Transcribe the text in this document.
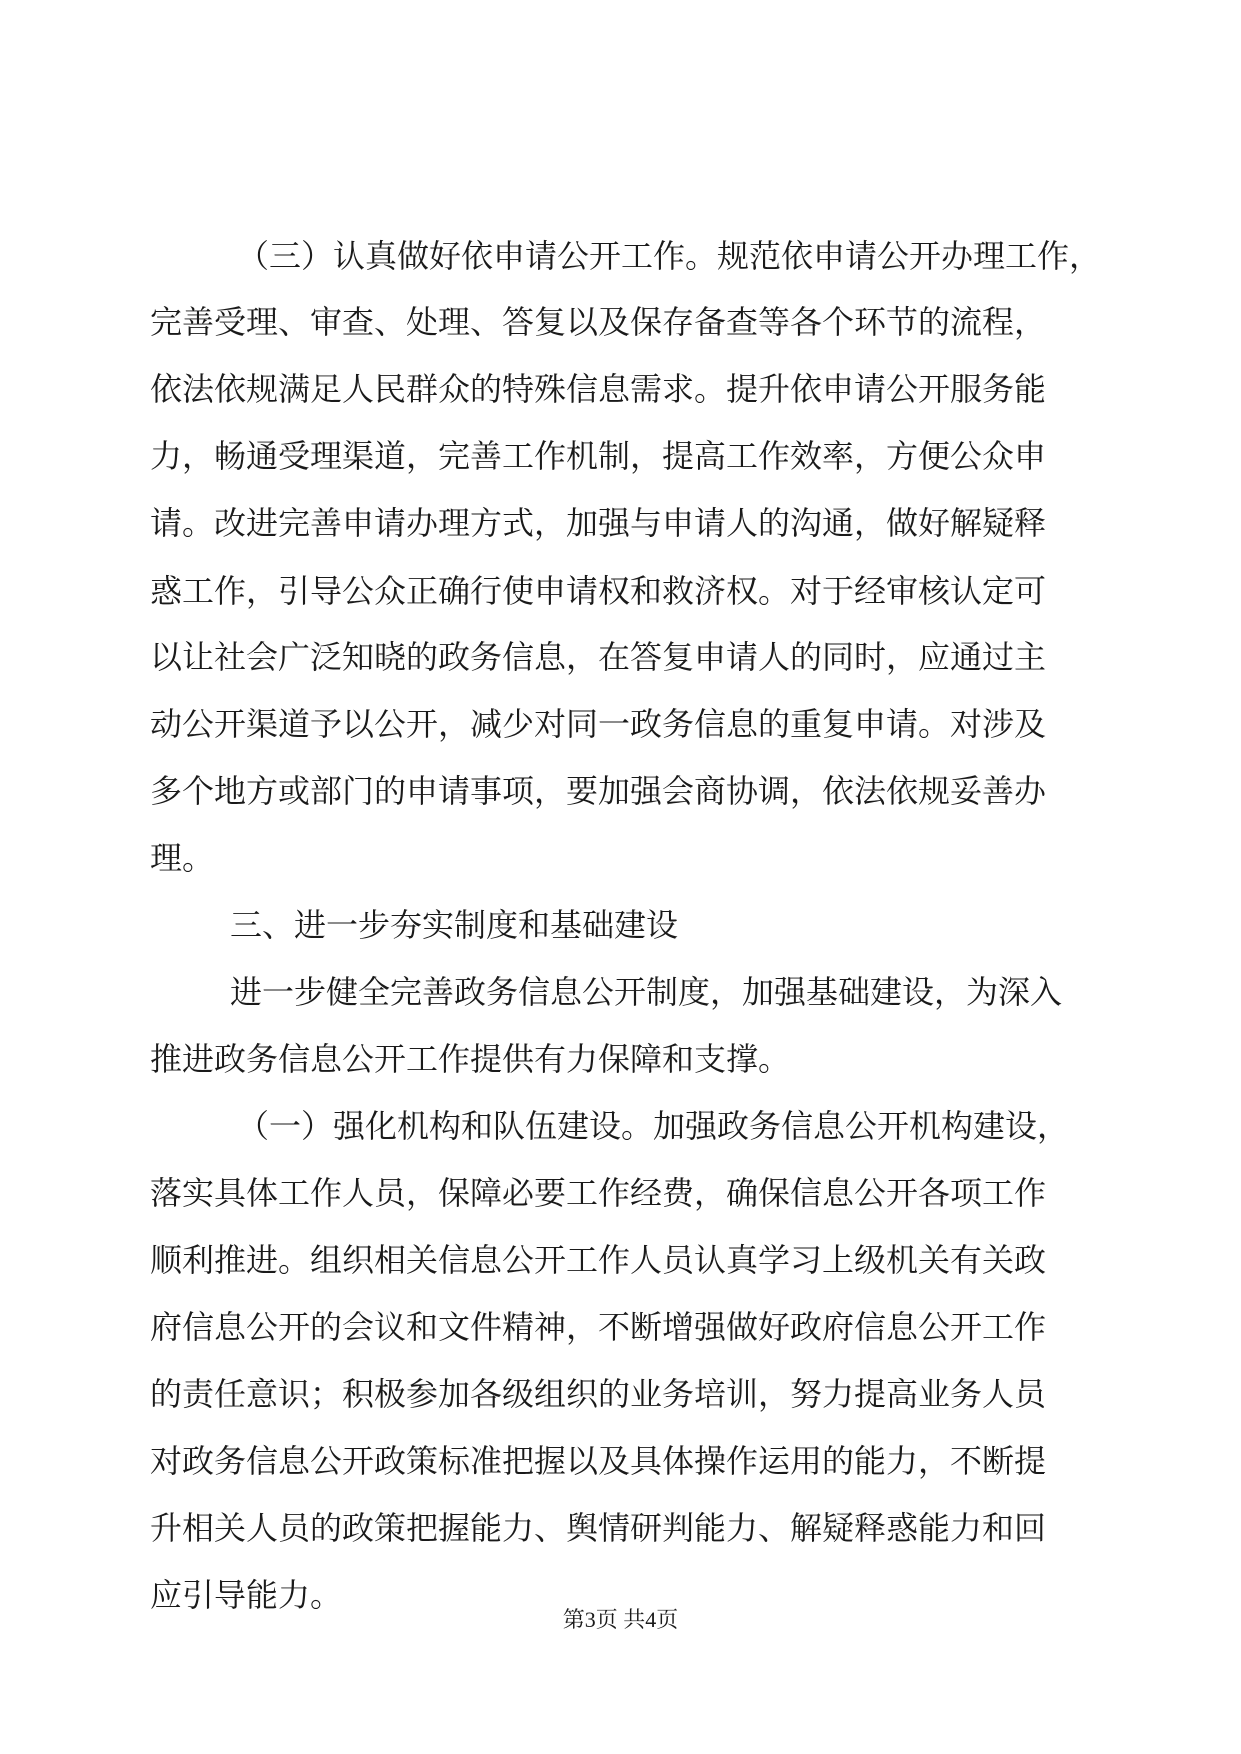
（三）认真做好依申请公开工作。规范依申请公开办理工作，
完善受理、审查、处理、答复以及保存备查等各个环节的流程，
依法依规满足人民群众的特殊信息需求。提升依申请公开服务能
力，畅通受理渠道，完善工作机制，提高工作效率，方便公众申
请。改进完善申请办理方式，加强与申请人的沟通，做好解疑释
惑工作，引导公众正确行使申请权和救济权。对于经审核认定可
以让社会广泛知晓的政务信息，在答复申请人的同时，应通过主
动公开渠道予以公开，减少对同一政务信息的重复申请。对涉及
多个地方或部门的申请事项，要加强会商协调，依法依规妥善办
理。
三、进一步夯实制度和基础建设
进一步健全完善政务信息公开制度，加强基础建设，为深入
推进政务信息公开工作提供有力保障和支撑。
（一）强化机构和队伍建设。加强政务信息公开机构建设，
落实具体工作人员，保障必要工作经费，确保信息公开各项工作
顺利推进。组织相关信息公开工作人员认真学习上级机关有关政
府信息公开的会议和文件精神，不断增强做好政府信息公开工作
的责任意识；积极参加各级组织的业务培训，努力提高业务人员
对政务信息公开政策标准把握以及具体操作运用的能力，不断提
升相关人员的政策把握能力、舆情研判能力、解疑释惑能力和回
应引导能力。
第3页 共4页
